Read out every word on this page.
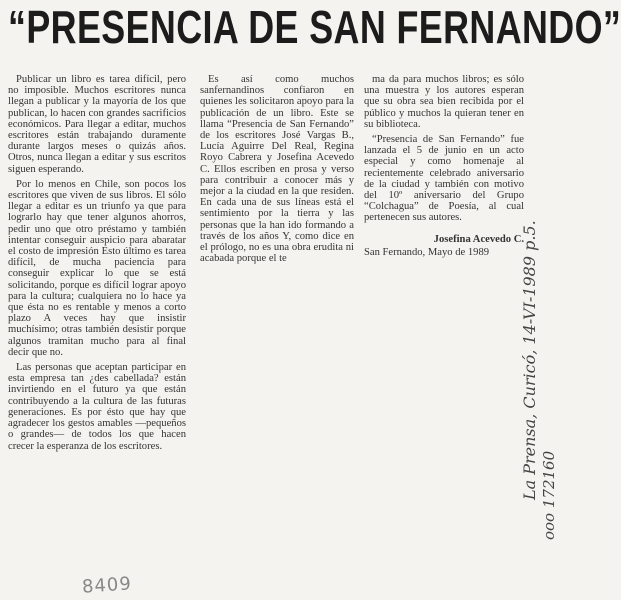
“PRESENCIA DE SAN FERNANDO”

Publicar un libro es tarea difícil, pero no imposible. Muchos escritores nunca llegan a publicar y la mayoría de los que publican, lo hacen con grandes sacrificios económicos. Para llegar a editar, muchos escritores están trabajando duramente durante largos meses o quizás años. Otros, nunca llegan a editar y sus escritos siguen esperando.

Por lo menos en Chile, son pocos los escritores que viven de sus libros. El sólo llegar a editar es un triunfo ya que para lograrlo hay que tener algunos ahorros, pedir uno que otro préstamo y también intentar conseguir auspicio para abaratar el costo de impresión Esto último es tarea difícil, de mucha paciencia para conseguir explicar lo que se está solicitando, porque es difícil lograr apoyo para la cultura; cualquiera no lo hace ya que ésta no es rentable y menos a corto plazo A veces hay que insistir muchísimo; otras también desistir porque algunos tramitan mucho para al final decir que no.

Las personas que aceptan participar en esta empresa tan ¿des cabellada? están invirtiendo en el futuro ya que están contribuyendo a la cultura de las futuras generaciones. Es por ésto que hay que agradecer los gestos amables —pequeños o grandes— de todos los que hacen crecer la esperanza de los escritores.

Es así como muchos sanfernandinos confiaron en quienes les solicitaron apoyo para la publicación de un libro. Este se llama “Presencia de San Fernando” de los escritores José Vargas B., Lucía Aguirre Del Real, Regina Royo Cabrera y Josefina Acevedo C. Ellos escriben en prosa y verso para contribuir a conocer más y mejor a la ciudad en la que residen. En cada una de sus líneas está el sentimiento por la tierra y las personas que la han ido formando a través de los años Y, como dice en el prólogo, no es una obra erudita ni acabada porque el te

ma da para muchos libros; es sólo una muestra y los autores esperan que su obra sea bien recibida por el público y muchos la quieran tener en su biblioteca.

“Presencia de San Fernando” fue lanzada el 5 de junio en un acto especial y como homenaje al recientemente celebrado aniversario de la ciudad y también con motivo del 10º aniversario del Grupo “Colchagua” de Poesía, al cual pertenecen sus autores.

Josefina Acevedo C.
San Fernando, Mayo de 1989
8409
La Prensa, Curicó, 14-VI-1989 p.5. ooo 172160
